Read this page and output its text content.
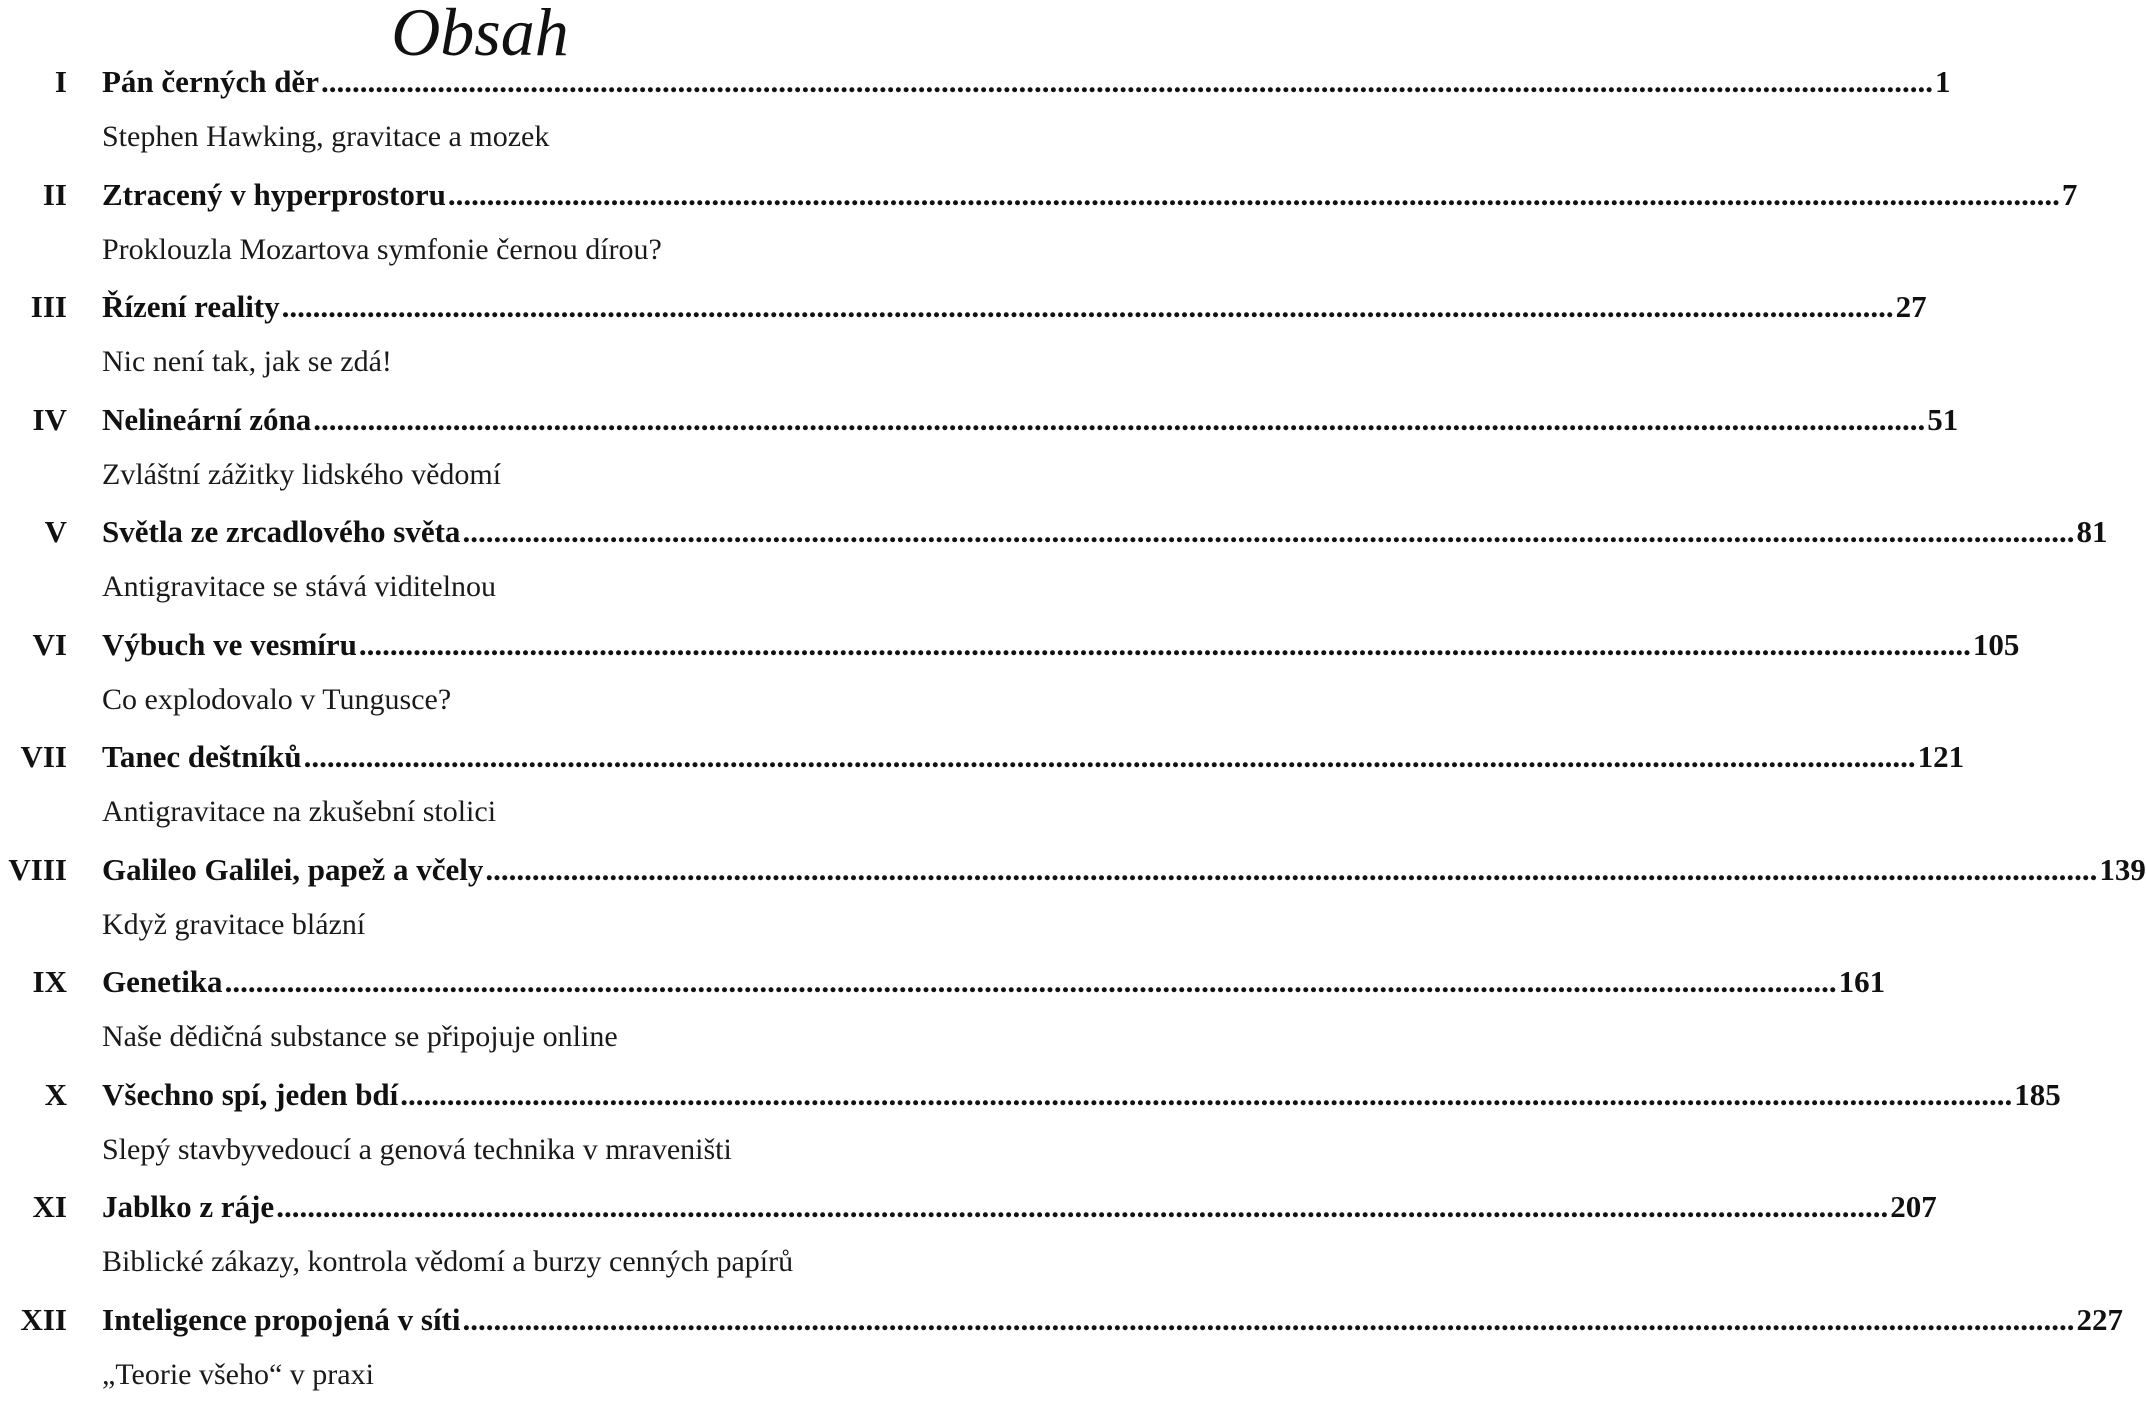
Obsah
I Pán černých děr ................................................................................................................................................................................................................ 1
Stephen Hawking, gravitace a mozek
II Ztracený v hyperprostoru ................................................................................................................................................................................................................ 7
Proklouzla Mozartova symfonie černou dírou?
III Řízení reality ................................................................................................................................................................................................................ 27
Nic není tak, jak se zdá!
IV Nelineární zóna ................................................................................................................................................................................................................ 51
Zvláštní zážitky lidského vědomí
V Světla ze zrcadlového světa ................................................................................................................................................................................................................ 81
Antigravitace se stává viditelnou
VI Výbuch ve vesmíru ................................................................................................................................................................................................................ 105
Co explodovalo v Tungusce?
VII Tanec deštníků ................................................................................................................................................................................................................ 121
Antigravitace na zkušební stolici
VIII Galileo Galilei, papež a včely ................................................................................................................................................................................................................ 139
Když gravitace blázní
IX Genetika ................................................................................................................................................................................................................ 161
Naše dědičná substance se připojuje online
X Všechno spí, jeden bdí ................................................................................................................................................................................................................ 185
Slepý stavbyvedoucí a genová technika v mraveništi
XI Jablko z ráje ................................................................................................................................................................................................................ 207
Biblické zákazy, kontrola vědomí a burzy cenných papírů
XII Inteligence propojená v síti ................................................................................................................................................................................................................ 227
„Teorie všeho“ v praxi
